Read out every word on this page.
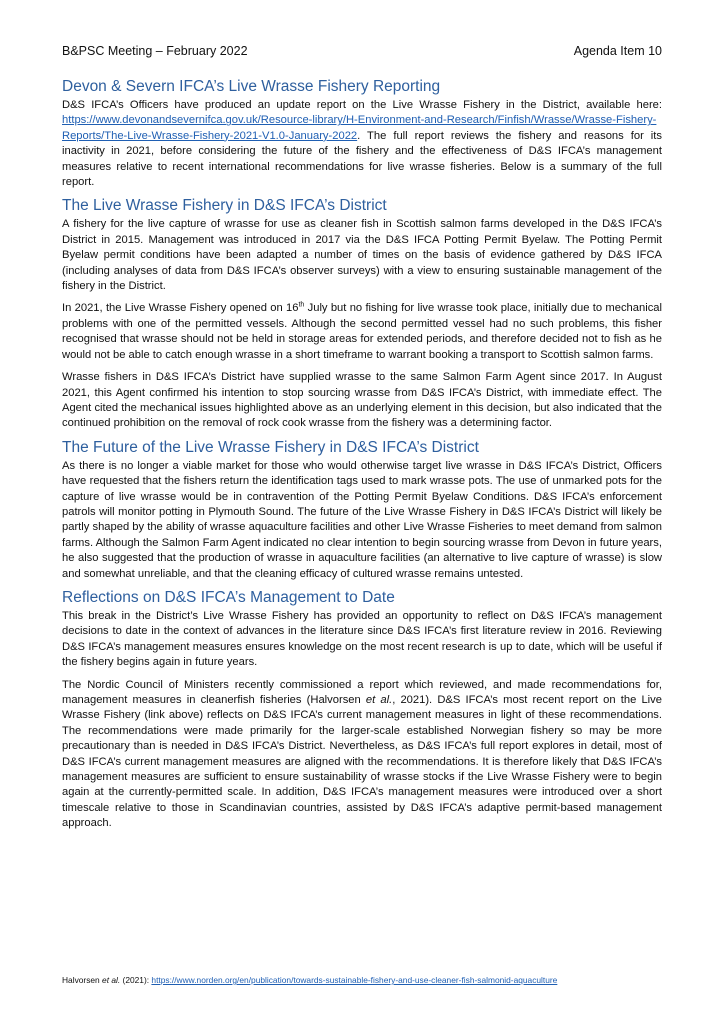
B&PSC Meeting – February 2022	Agenda Item 10
Devon & Severn IFCA’s Live Wrasse Fishery Reporting

D&S IFCA’s Officers have produced an update report on the Live Wrasse Fishery in the District, available here: https://www.devonandsevernifca.gov.uk/Resource-library/H-Environment-and-Research/Finfish/Wrasse/Wrasse-Fishery-Reports/The-Live-Wrasse-Fishery-2021-V1.0-January-2022. The full report reviews the fishery and reasons for its inactivity in 2021, before considering the future of the fishery and the effectiveness of D&S IFCA’s management measures relative to recent international recommendations for live wrasse fisheries. Below is a summary of the full report.

The Live Wrasse Fishery in D&S IFCA’s District

A fishery for the live capture of wrasse for use as cleaner fish in Scottish salmon farms developed in the D&S IFCA’s District in 2015. Management was introduced in 2017 via the D&S IFCA Potting Permit Byelaw. The Potting Permit Byelaw permit conditions have been adapted a number of times on the basis of evidence gathered by D&S IFCA (including analyses of data from D&S IFCA’s observer surveys) with a view to ensuring sustainable management of the fishery in the District.

In 2021, the Live Wrasse Fishery opened on 16th July but no fishing for live wrasse took place, initially due to mechanical problems with one of the permitted vessels. Although the second permitted vessel had no such problems, this fisher recognised that wrasse should not be held in storage areas for extended periods, and therefore decided not to fish as he would not be able to catch enough wrasse in a short timeframe to warrant booking a transport to Scottish salmon farms.

Wrasse fishers in D&S IFCA’s District have supplied wrasse to the same Salmon Farm Agent since 2017. In August 2021, this Agent confirmed his intention to stop sourcing wrasse from D&S IFCA’s District, with immediate effect. The Agent cited the mechanical issues highlighted above as an underlying element in this decision, but also indicated that the continued prohibition on the removal of rock cook wrasse from the fishery was a determining factor.

The Future of the Live Wrasse Fishery in D&S IFCA’s District

As there is no longer a viable market for those who would otherwise target live wrasse in D&S IFCA’s District, Officers have requested that the fishers return the identification tags used to mark wrasse pots. The use of unmarked pots for the capture of live wrasse would be in contravention of the Potting Permit Byelaw Conditions. D&S IFCA’s enforcement patrols will monitor potting in Plymouth Sound. The future of the Live Wrasse Fishery in D&S IFCA’s District will likely be partly shaped by the ability of wrasse aquaculture facilities and other Live Wrasse Fisheries to meet demand from salmon farms. Although the Salmon Farm Agent indicated no clear intention to begin sourcing wrasse from Devon in future years, he also suggested that the production of wrasse in aquaculture facilities (an alternative to live capture of wrasse) is slow and somewhat unreliable, and that the cleaning efficacy of cultured wrasse remains untested.

Reflections on D&S IFCA’s Management to Date

This break in the District’s Live Wrasse Fishery has provided an opportunity to reflect on D&S IFCA’s management decisions to date in the context of advances in the literature since D&S IFCA’s first literature review in 2016. Reviewing D&S IFCA’s management measures ensures knowledge on the most recent research is up to date, which will be useful if the fishery begins again in future years.

The Nordic Council of Ministers recently commissioned a report which reviewed, and made recommendations for, management measures in cleanerfish fisheries (Halvorsen et al., 2021). D&S IFCA’s most recent report on the Live Wrasse Fishery (link above) reflects on D&S IFCA’s current management measures in light of these recommendations. The recommendations were made primarily for the larger-scale established Norwegian fishery so may be more precautionary than is needed in D&S IFCA’s District. Nevertheless, as D&S IFCA’s full report explores in detail, most of D&S IFCA’s current management measures are aligned with the recommendations. It is therefore likely that D&S IFCA’s management measures are sufficient to ensure sustainability of wrasse stocks if the Live Wrasse Fishery were to begin again at the currently-permitted scale. In addition, D&S IFCA’s management measures were introduced over a short timescale relative to those in Scandinavian countries, assisted by D&S IFCA’s adaptive permit-based management approach.

Halvorsen et al. (2021): https://www.norden.org/en/publication/towards-sustainable-fishery-and-use-cleaner-fish-salmonid-aquaculture
